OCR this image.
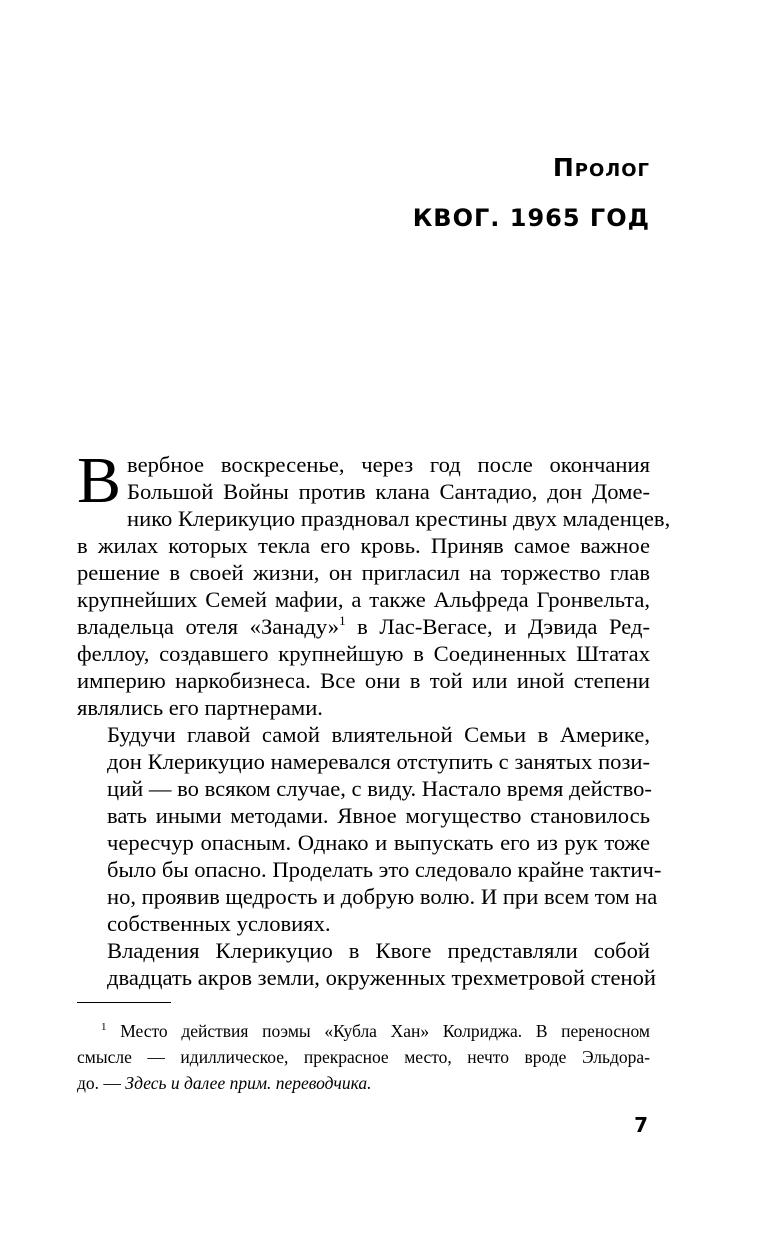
Пролог
КВОГ. 1965 ГОД

В вербное воскресенье, через год после окончания
Большой Войны против клана Сантадио, дон Доме-
нико Клерикуцио праздновал крестины двух младенцев,
в жилах которых текла его кровь. Приняв самое важное
решение в своей жизни, он пригласил на торжество глав
крупнейших Семей мафии, а также Альфреда Гронвельта,
владельца отеля «Занаду»$^1$ в Лас-Вегасе, и Дэвида Ред-
феллоу, создавшего крупнейшую в Соединенных Штатах
империю наркобизнеса. Все они в той или иной степени
являлись его партнерами.

Будучи главой самой влиятельной Семьи в Америке,
дон Клерикуцио намеревался отступить с занятых пози-
ций — во всяком случае, с виду. Настало время действо-
вать иными методами. Явное могущество становилось
чересчур опасным. Однако и выпускать его из рук тоже
было бы опасно. Проделать это следовало крайне тактич-
но, проявив щедрость и добрую волю. И при всем том на
собственных условиях.

Владения Клерикуцио в Квоге представляли собой
двадцать акров земли, окруженных трехметровой стеной

$^1$ Место действия поэмы «Кубла Хан» Колриджа. В переносном
смысле — идиллическое, прекрасное место, нечто вроде Эльдора-
до. — Здесь и далее прим. переводчика.
7
